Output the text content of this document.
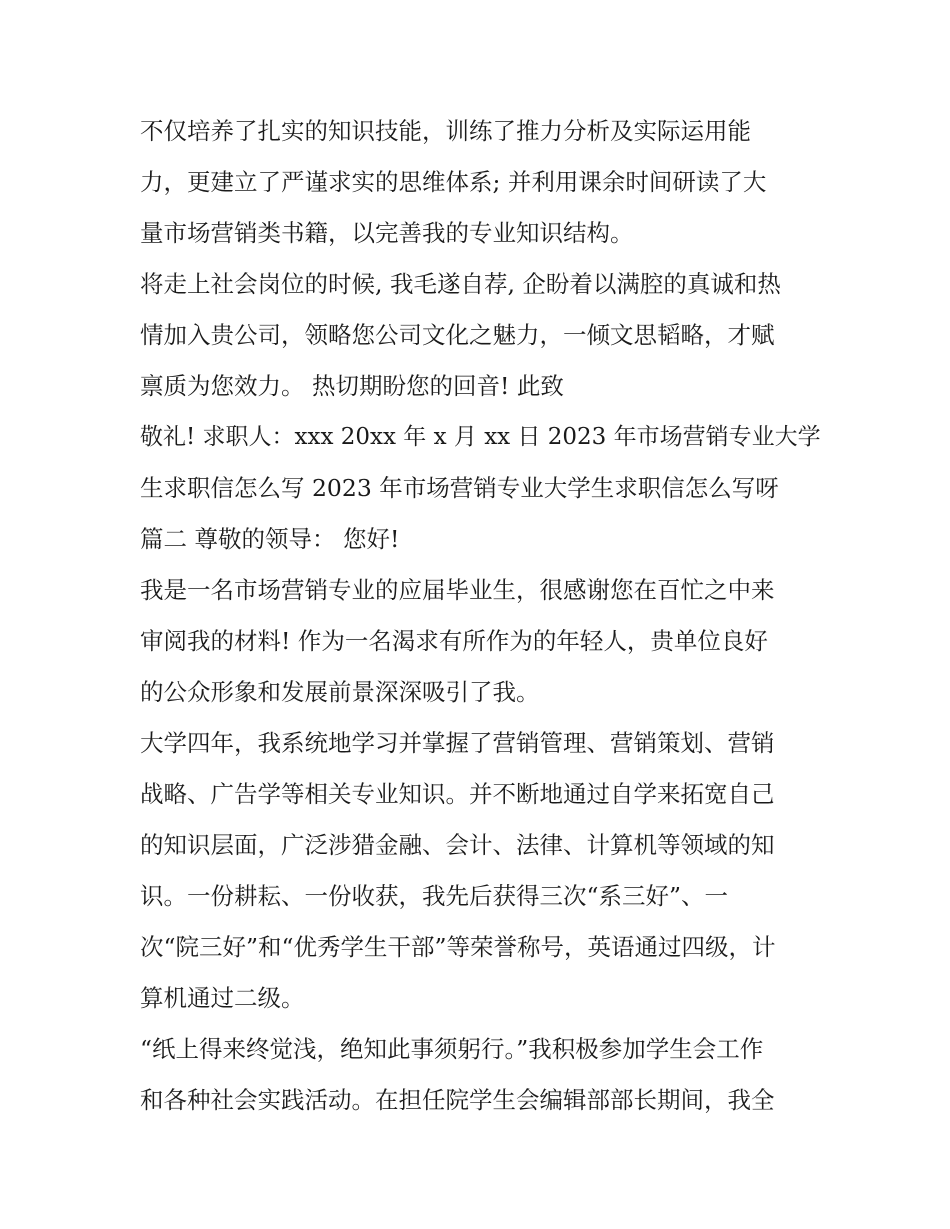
不仅培养了扎实的知识技能，训练了推力分析及实际运用能
力，更建立了严谨求实的思维体系; 并利用课余时间研读了大
量市场营销类书籍，以完善我的专业知识结构。
将走上社会岗位的时候, 我毛遂自荐, 企盼着以满腔的真诚和热
情加入贵公司，领略您公司文化之魅力，一倾文思韬略，才赋
禀质为您效力。 热切期盼您的回音! 此致
敬礼! 求职人：xxx 20xx 年 x 月 xx 日 2023 年市场营销专业大学
生求职信怎么写 2023 年市场营销专业大学生求职信怎么写呀
篇二 尊敬的领导： 您好!
我是一名市场营销专业的应届毕业生，很感谢您在百忙之中来
审阅我的材料! 作为一名渴求有所作为的年轻人，贵单位良好
的公众形象和发展前景深深吸引了我。
大学四年，我系统地学习并掌握了营销管理、营销策划、营销
战略、广告学等相关专业知识。并不断地通过自学来拓宽自己
的知识层面，广泛涉猎金融、会计、法律、计算机等领域的知
识。一份耕耘、一份收获，我先后获得三次“系三好”、一
次“院三好”和“优秀学生干部”等荣誉称号，英语通过四级，计
算机通过二级。
“纸上得来终觉浅，绝知此事须躬行。”我积极参加学生会工作
和各种社会实践活动。在担任院学生会编辑部部长期间，我全
